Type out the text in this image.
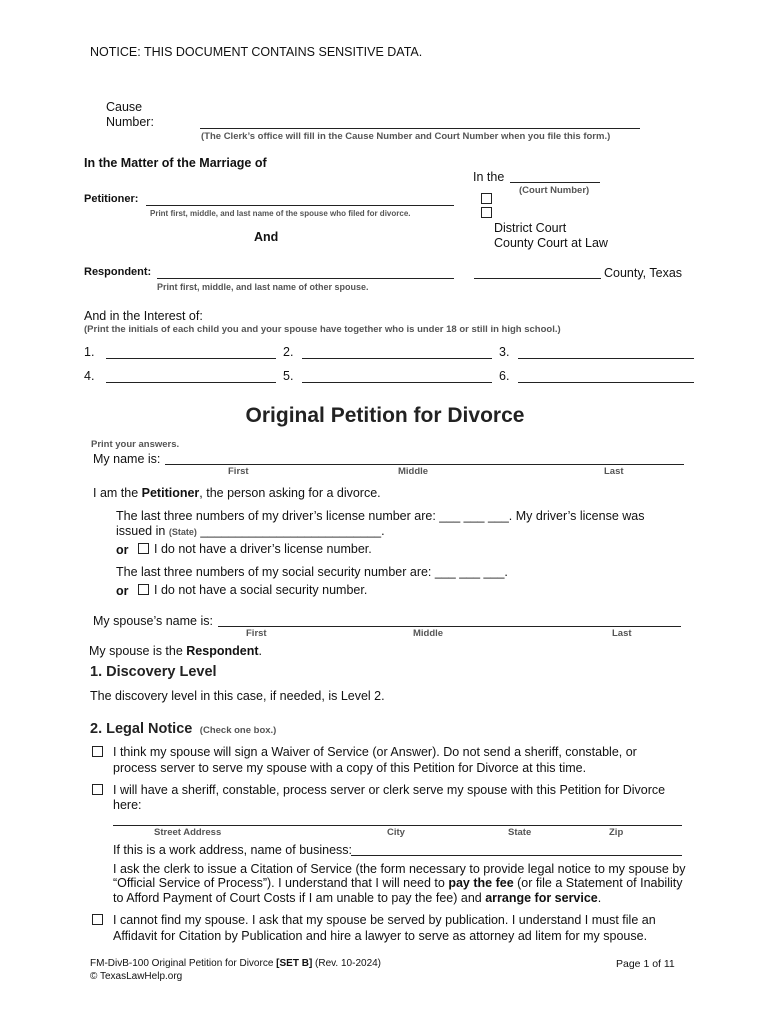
NOTICE: THIS DOCUMENT CONTAINS SENSITIVE DATA.
Cause
Number:
(The Clerk’s office will fill in the Cause Number and Court Number when you file this form.)
In the Matter of the Marriage of
In the
(Court Number)
District Court
County Court at Law
Petitioner:
Print first, middle, and last name of the spouse who filed for divorce.
And
Respondent:
Print first, middle, and last name of other spouse.
County, Texas
And in the Interest of:
(Print the initials of each child you and your spouse have together who is under 18 or still in high school.)
1.	2.	3.
4.	5.	6.
Original Petition for Divorce
Print your answers.
My name is:
First	Middle	Last
I am the Petitioner, the person asking for a divorce.
The last three numbers of my driver’s license number are: ___ ___ ___. My driver’s license was
issued in (State) __________________________.
or I do not have a driver’s license number.
The last three numbers of my social security number are: ___ ___ ___.
or I do not have a social security number.
My spouse’s name is:
First	Middle	Last
My spouse is the Respondent.
1. Discovery Level
The discovery level in this case, if needed, is Level 2.
2. Legal Notice (Check one box.)
I think my spouse will sign a Waiver of Service (or Answer). Do not send a sheriff, constable, or
process server to serve my spouse with a copy of this Petition for Divorce at this time.
I will have a sheriff, constable, process server or clerk serve my spouse with this Petition for Divorce
here:
Street Address	City	State	Zip
If this is a work address, name of business:
I ask the clerk to issue a Citation of Service (the form necessary to provide legal notice to my spouse by
“Official Service of Process”). I understand that I will need to pay the fee (or file a Statement of Inability
to Afford Payment of Court Costs if I am unable to pay the fee) and arrange for service.
I cannot find my spouse. I ask that my spouse be served by publication. I understand I must file an
Affidavit for Citation by Publication and hire a lawyer to serve as attorney ad litem for my spouse.
FM-DivB-100 Original Petition for Divorce [SET B] (Rev. 10-2024)
© TexasLawHelp.org
Page 1 of 11
